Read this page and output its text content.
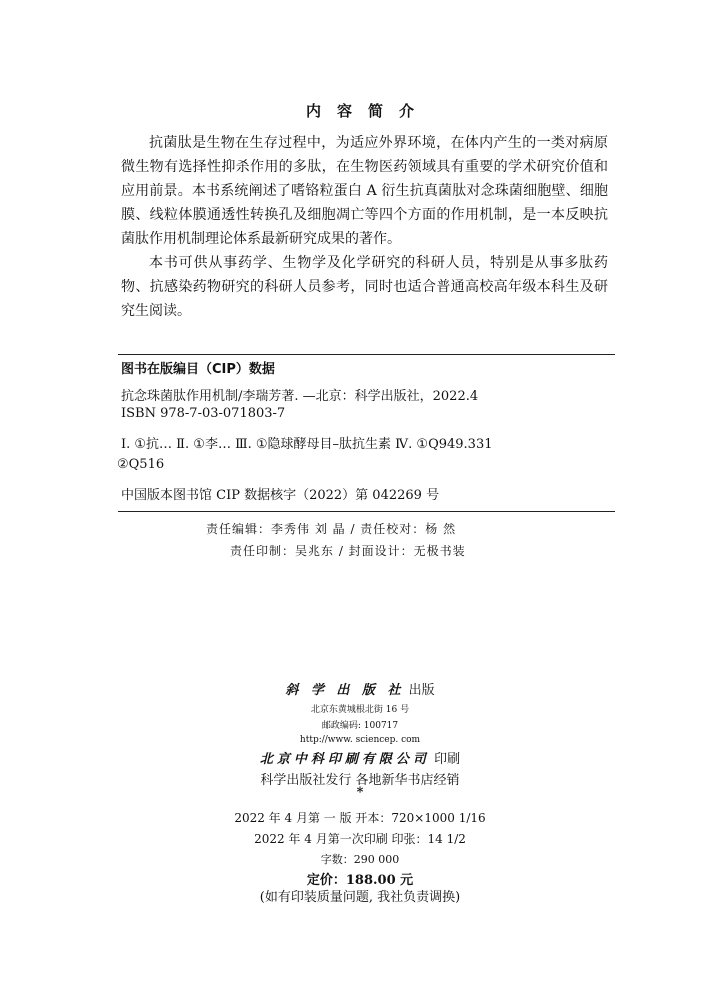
内容简介

抗菌肽是生物在生存过程中，为适应外界环境，在体内产生的一类对病原微生物有选择性抑杀作用的多肽，在生物医药领域具有重要的学术研究价值和应用前景。本书系统阐述了嗜铬粒蛋白 A 衍生抗真菌肽对念珠菌细胞壁、细胞膜、线粒体膜通透性转换孔及细胞凋亡等四个方面的作用机制，是一本反映抗菌肽作用机制理论体系最新研究成果的著作。

本书可供从事药学、生物学及化学研究的科研人员，特别是从事多肽药物、抗感染药物研究的科研人员参考，同时也适合普通高校高年级本科生及研究生阅读。

图书在版编目（CIP）数据
抗念珠菌肽作用机制/李瑞芳著. —北京：科学出版社，2022.4
ISBN 978-7-03-071803-7
Ⅰ. ①抗… Ⅱ. ①李… Ⅲ. ①隐球酵母目–肽抗生素 Ⅳ. ①Q949.331
②Q516
中国版本图书馆 CIP 数据核字（2022）第 042269 号
责任编辑：李秀伟 刘 晶 / 责任校对：杨 然
责任印制：吴兆东 / 封面设计：无极书装
斜 学 出 版 社 出版
北京东黄城根北街 16 号
邮政编码: 100717
http://www. sciencep. com
北京中科印刷有限公司 印刷
科学出版社发行 各地新华书店经销
*
2022 年 4 月第 一 版 开本：720×1000 1/16
2022 年 4 月第一次印刷 印张：14 1/2
字数：290 000
定价：188.00 元
(如有印装质量问题, 我社负责调换)
